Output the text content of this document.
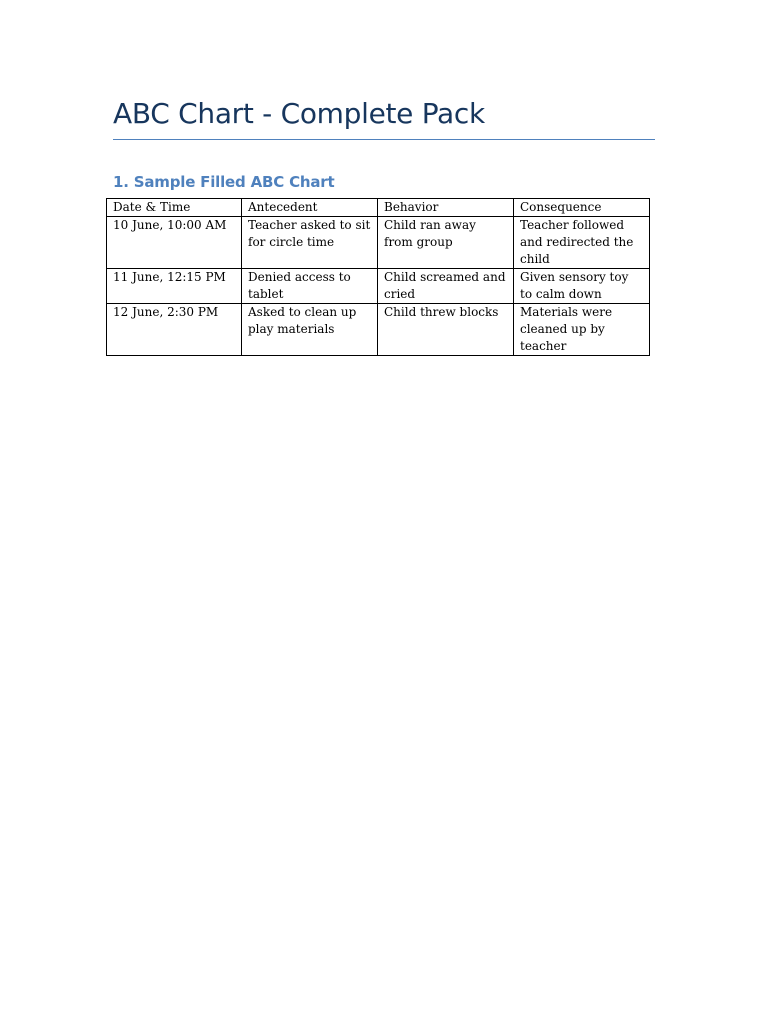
ABC Chart - Complete Pack
1. Sample Filled ABC Chart
Date & Time	Antecedent	Behavior	Consequence
10 June, 10:00 AM	Teacher asked to sit for circle time	Child ran away from group	Teacher followed and redirected the child
11 June, 12:15 PM	Denied access to tablet	Child screamed and cried	Given sensory toy to calm down
12 June, 2:30 PM	Asked to clean up play materials	Child threw blocks	Materials were cleaned up by teacher
